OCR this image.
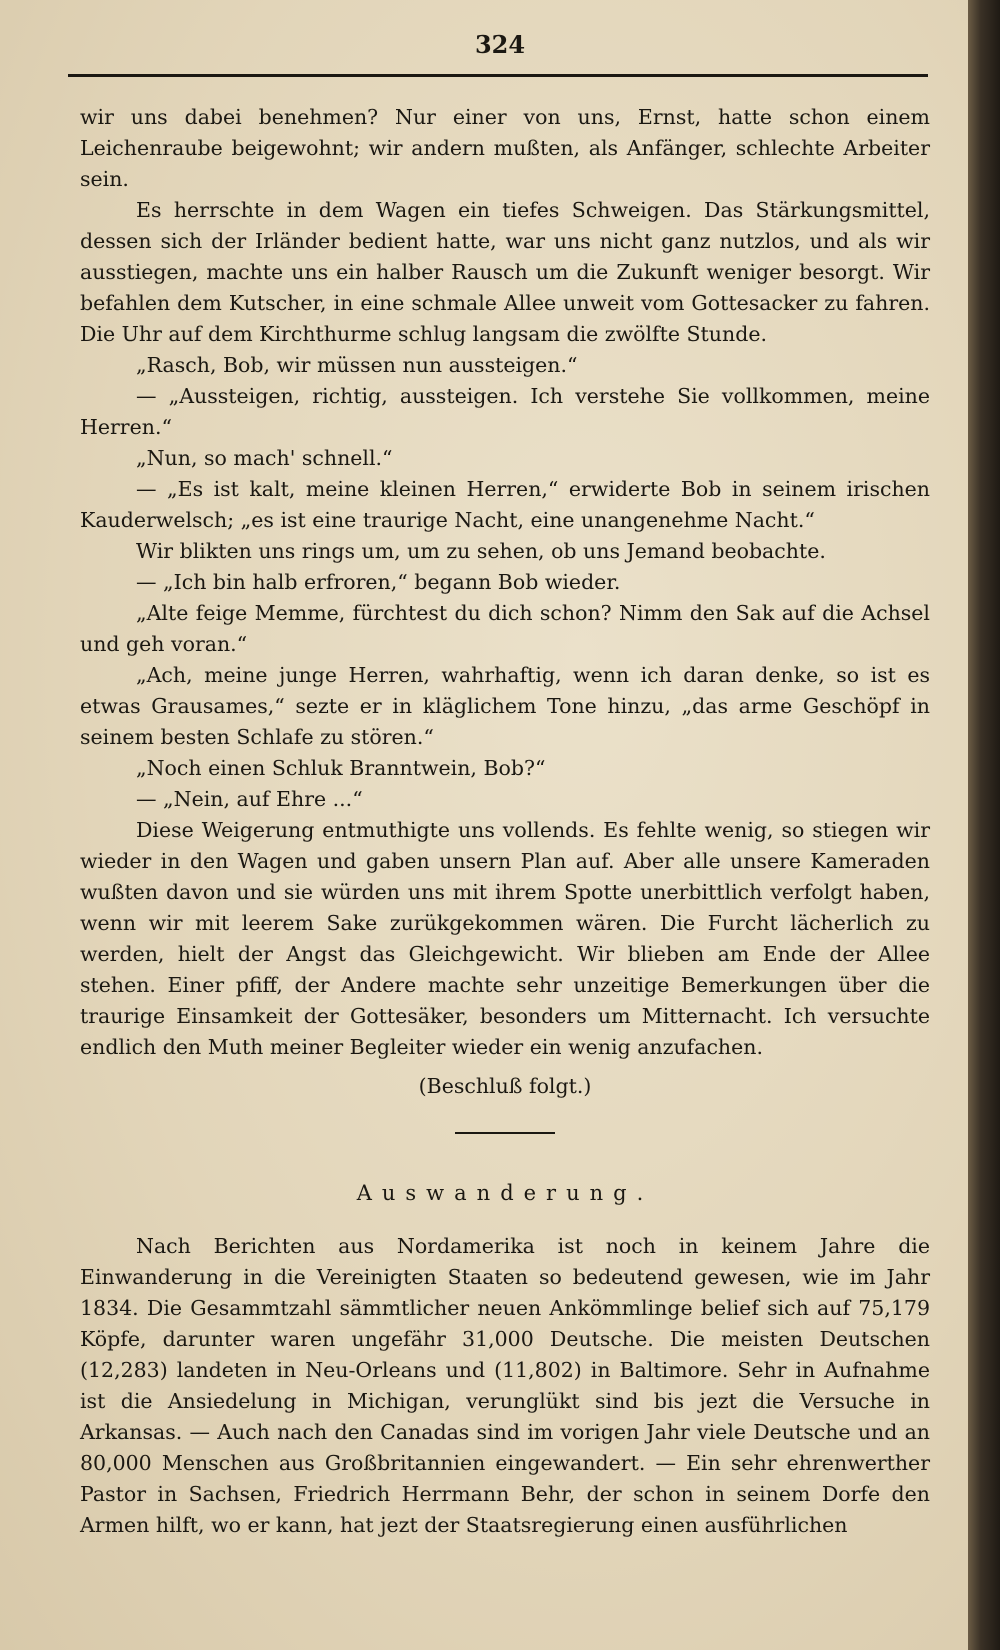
324

wir uns dabei benehmen? Nur einer von uns, Ernst, hatte schon einem Leichenraube beigewohnt; wir andern mußten, als Anfänger, schlechte Arbeiter sein.

Es herrschte in dem Wagen ein tiefes Schweigen. Das Stärkungsmittel, dessen sich der Irländer bedient hatte, war uns nicht ganz nutzlos, und als wir ausstiegen, machte uns ein halber Rausch um die Zukunft weniger besorgt. Wir befahlen dem Kutscher, in eine schmale Allee unweit vom Gottesacker zu fahren. Die Uhr auf dem Kirchthurme schlug langsam die zwölfte Stunde.

„Rasch, Bob, wir müssen nun aussteigen.“

— „Aussteigen, richtig, aussteigen. Ich verstehe Sie vollkommen, meine Herren.“

„Nun, so mach' schnell.“

— „Es ist kalt, meine kleinen Herren,“ erwiderte Bob in seinem irischen Kauderwelsch; „es ist eine traurige Nacht, eine unangenehme Nacht.“

Wir blikten uns rings um, um zu sehen, ob uns Jemand beobachte.

— „Ich bin halb erfroren,“ begann Bob wieder.

„Alte feige Memme, fürchtest du dich schon? Nimm den Sak auf die Achsel und geh voran.“

„Ach, meine junge Herren, wahrhaftig, wenn ich daran denke, so ist es etwas Grausames,“ sezte er in kläglichem Tone hinzu, „das arme Geschöpf in seinem besten Schlafe zu stören.“

„Noch einen Schluk Branntwein, Bob?“

— „Nein, auf Ehre ...“

Diese Weigerung entmuthigte uns vollends. Es fehlte wenig, so stiegen wir wieder in den Wagen und gaben unsern Plan auf. Aber alle unsere Kameraden wußten davon und sie würden uns mit ihrem Spotte unerbittlich verfolgt haben, wenn wir mit leerem Sake zurükgekommen wären. Die Furcht lächerlich zu werden, hielt der Angst das Gleichgewicht. Wir blieben am Ende der Allee stehen. Einer pfiff, der Andere machte sehr unzeitige Bemerkungen über die traurige Einsamkeit der Gottesäker, besonders um Mitternacht. Ich versuchte endlich den Muth meiner Begleiter wieder ein wenig anzufachen.

(Beschluß folgt.)

Auswanderung.

Nach Berichten aus Nordamerika ist noch in keinem Jahre die Einwanderung in die Vereinigten Staaten so bedeutend gewesen, wie im Jahr 1834. Die Gesammtzahl sämmtlicher neuen Ankömmlinge belief sich auf 75,179 Köpfe, darunter waren ungefähr 31,000 Deutsche. Die meisten Deutschen (12,283) landeten in Neu-Orleans und (11,802) in Baltimore. Sehr in Aufnahme ist die Ansiedelung in Michigan, verunglükt sind bis jezt die Versuche in Arkansas. — Auch nach den Canadas sind im vorigen Jahr viele Deutsche und an 80,000 Menschen aus Großbritannien eingewandert. — Ein sehr ehrenwerther Pastor in Sachsen, Friedrich Herrmann Behr, der schon in seinem Dorfe den Armen hilft, wo er kann, hat jezt der Staatsregierung einen ausführlichen
